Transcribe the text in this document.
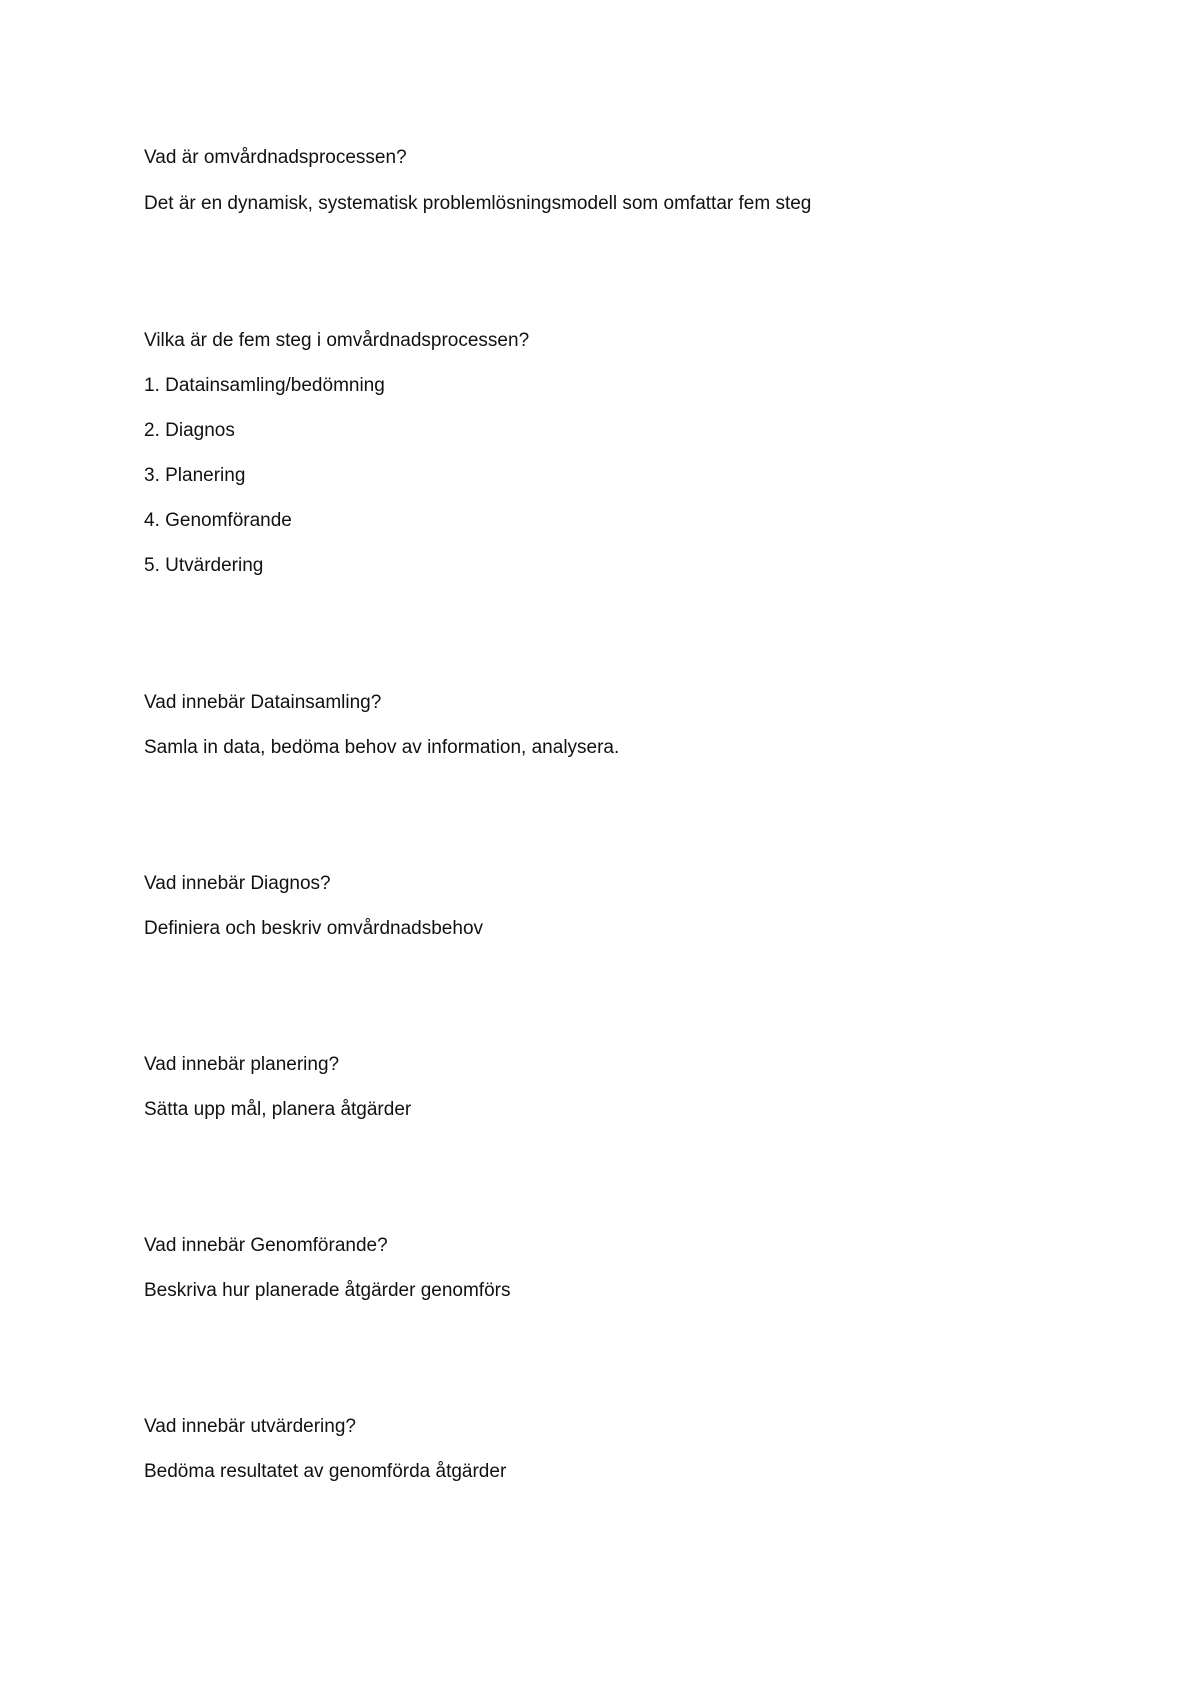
Vad är omvårdnadsprocessen?
Det är en dynamisk, systematisk problemlösningsmodell som omfattar fem steg
Vilka är de fem steg i omvårdnadsprocessen?
1. Datainsamling/bedömning
2. Diagnos
3. Planering
4. Genomförande
5. Utvärdering
Vad innebär Datainsamling?
Samla in data, bedöma behov av information, analysera.
Vad innebär Diagnos?
Definiera och beskriv omvårdnadsbehov
Vad innebär planering?
Sätta upp mål, planera åtgärder
Vad innebär Genomförande?
Beskriva hur planerade åtgärder genomförs
Vad innebär utvärdering?
Bedöma resultatet av genomförda åtgärder
